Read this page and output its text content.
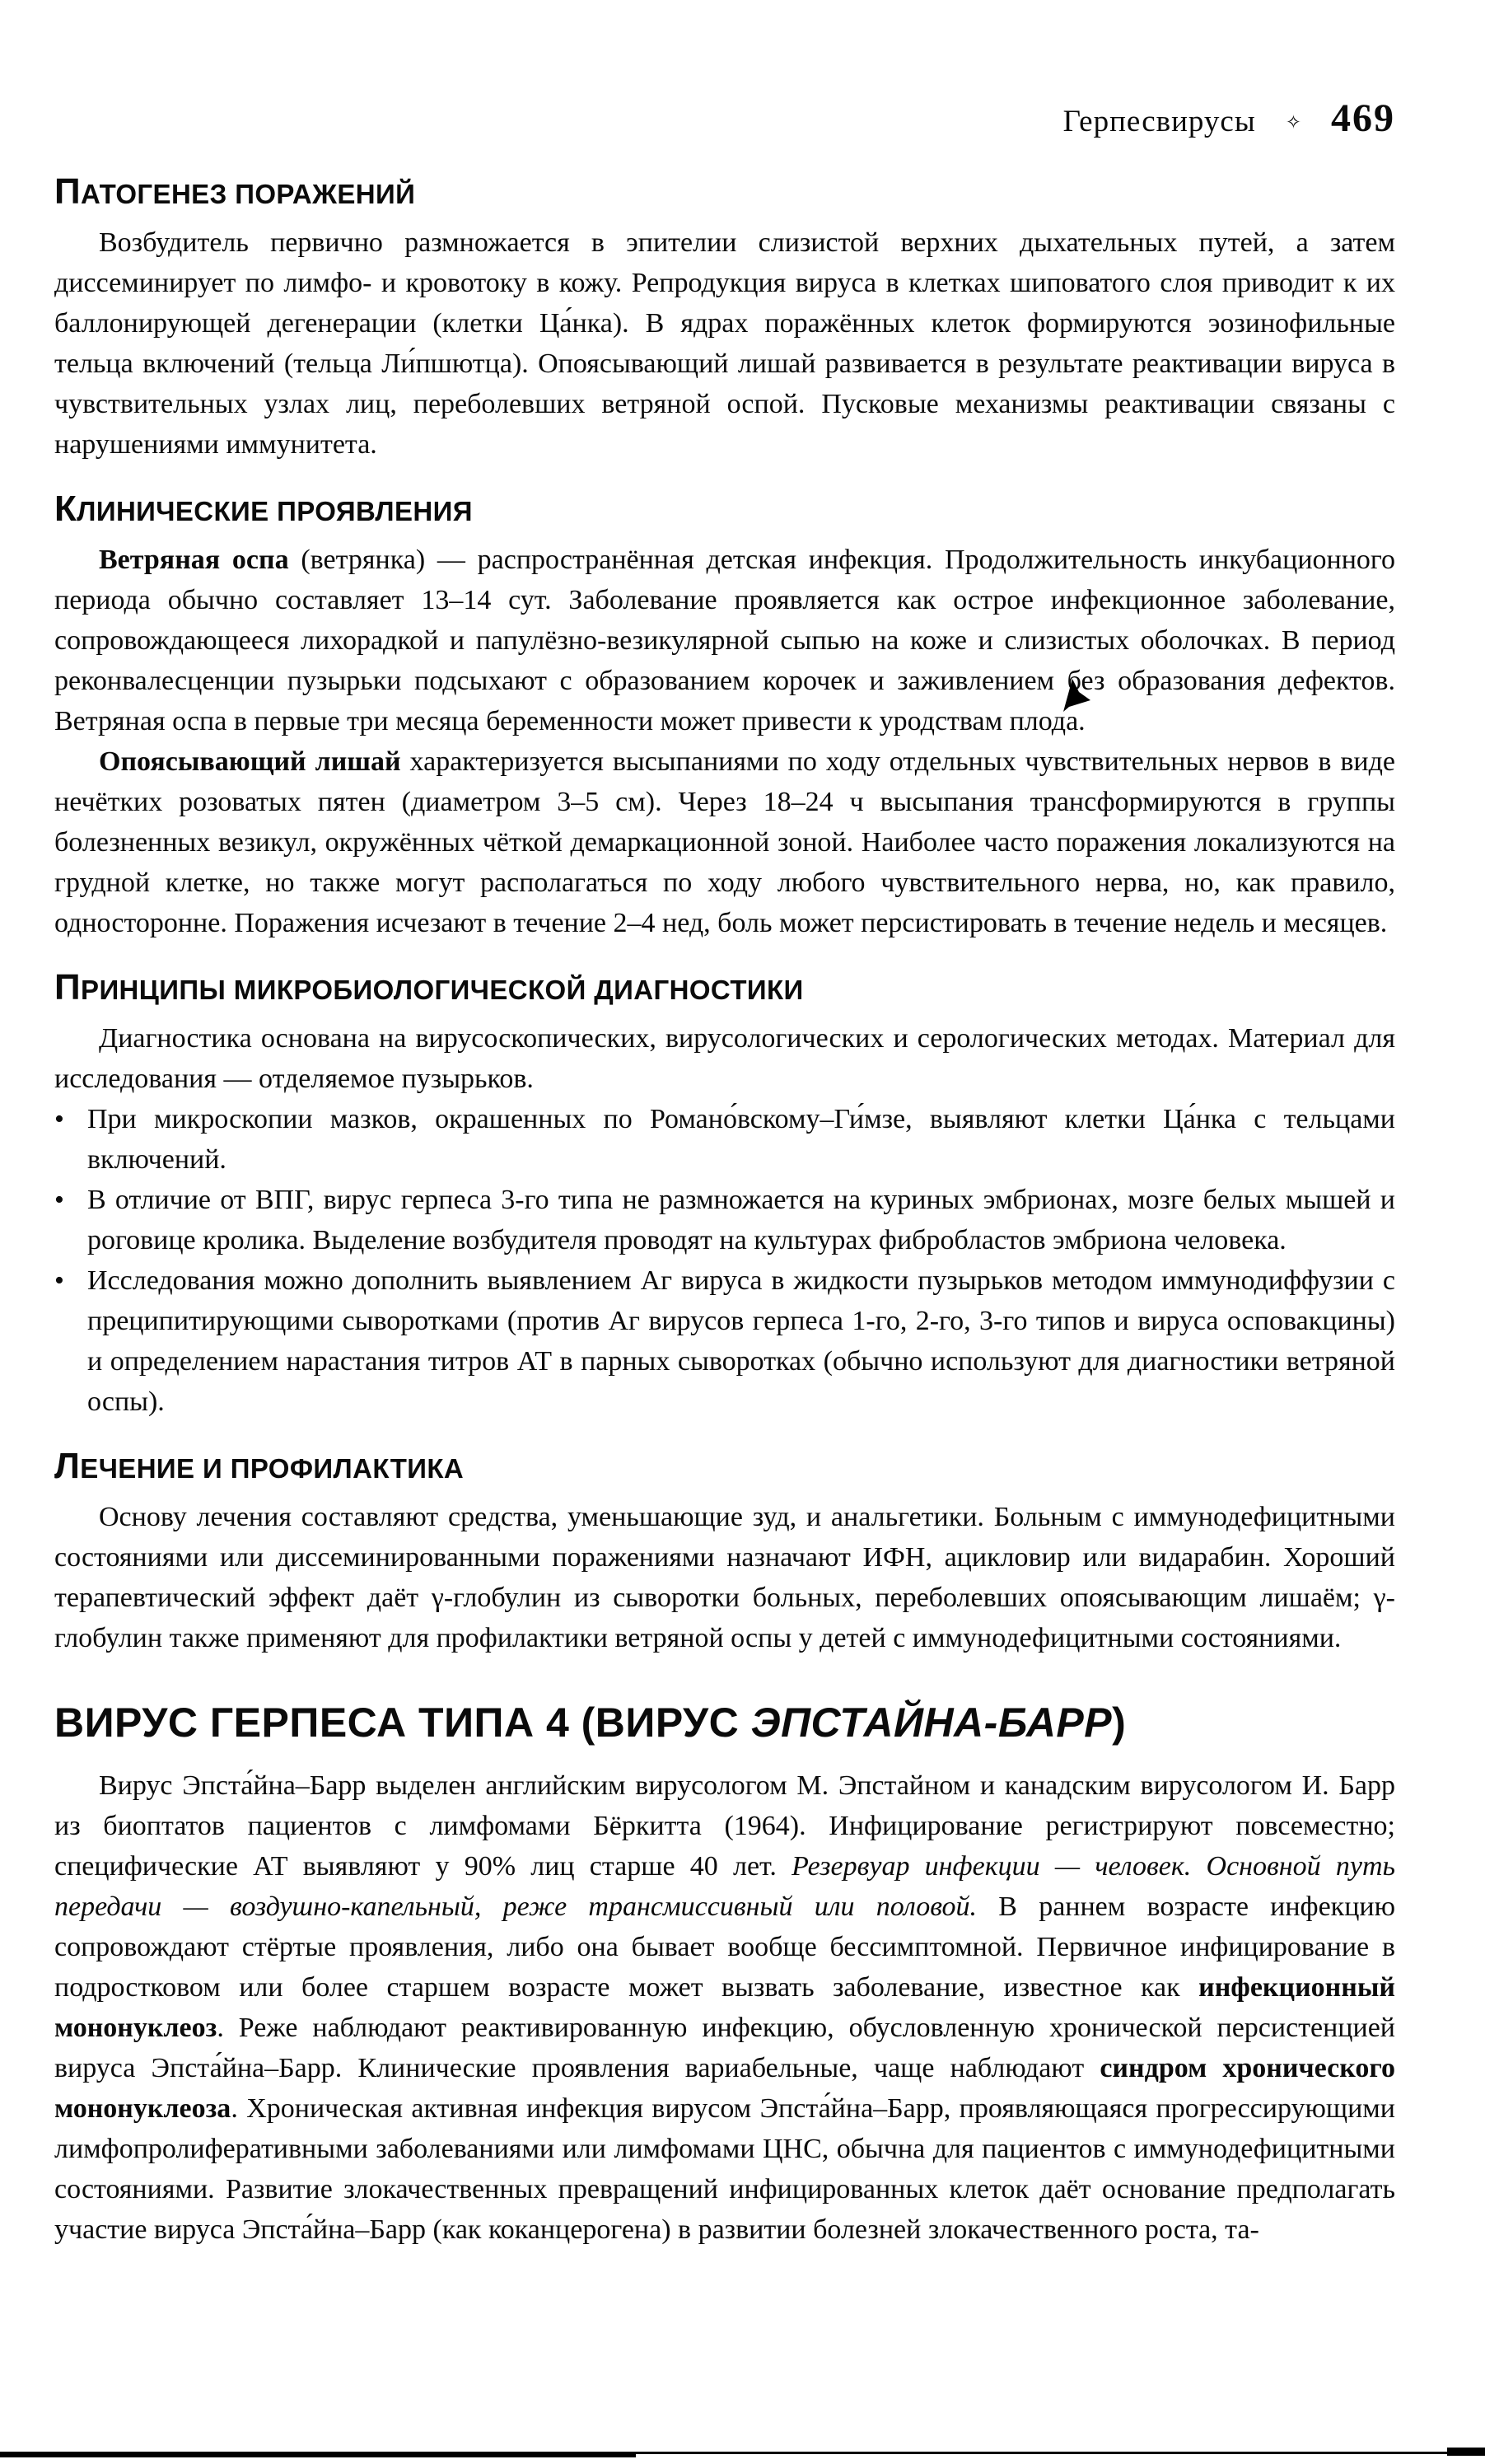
Герпесвирусы ✧ 469
ПАТОГЕНЕЗ ПОРАЖЕНИЙ

Возбудитель первично размножается в эпителии слизистой верхних дыхательных путей, а затем диссеминирует по лимфо- и кровотоку в кожу. Репродукция вируса в клетках шиповатого слоя приводит к их баллонирующей дегенерации (клетки Ца́нка). В ядрах поражённых клеток формируются эозинофильные тельца включений (тельца Ли́пшютца). Опоясывающий лишай развивается в результате реактивации вируса в чувствительных узлах лиц, переболевших ветряной оспой. Пусковые механизмы реактивации связаны с нарушениями иммунитета.

КЛИНИЧЕСКИЕ ПРОЯВЛЕНИЯ

Ветряная оспа (ветрянка) — распространённая детская инфекция. Продолжительность инкубационного периода обычно составляет 13–14 сут. Заболевание проявляется как острое инфекционное заболевание, сопровождающееся лихорадкой и папулёзно-везикулярной сыпью на коже и слизистых оболочках. В период реконвалесценции пузырьки подсыхают с образованием корочек и заживлением без образования дефектов. Ветряная оспа в первые три месяца беременности может привести к уродствам плода.

Опоясывающий лишай характеризуется высыпаниями по ходу отдельных чувствительных нервов в виде нечётких розоватых пятен (диаметром 3–5 см). Через 18–24 ч высыпания трансформируются в группы болезненных везикул, окружённых чёткой демаркационной зоной. Наиболее часто поражения локализуются на грудной клетке, но также могут располагаться по ходу любого чувствительного нерва, но, как правило, односторонне. Поражения исчезают в течение 2–4 нед, боль может персистировать в течение недель и месяцев.

ПРИНЦИПЫ МИКРОБИОЛОГИЧЕСКОЙ ДИАГНОСТИКИ

Диагностика основана на вирусоскопических, вирусологических и серологических методах. Материал для исследования — отделяемое пузырьков.

• При микроскопии мазков, окрашенных по Романо́вскому–Ги́мзе, выявляют клетки Ца́нка с тельцами включений.
• В отличие от ВПГ, вирус герпеса 3-го типа не размножается на куриных эмбрионах, мозге белых мышей и роговице кролика. Выделение возбудителя проводят на культурах фибробластов эмбриона человека.
• Исследования можно дополнить выявлением Аг вируса в жидкости пузырьков методом иммунодиффузии с преципитирующими сыворотками (против Аг вирусов герпеса 1-го, 2-го, 3-го типов и вируса осповакцины) и определением нарастания титров АТ в парных сыворотках (обычно используют для диагностики ветряной оспы).
ЛЕЧЕНИЕ И ПРОФИЛАКТИКА

Основу лечения составляют средства, уменьшающие зуд, и анальгетики. Больным с иммунодефицитными состояниями или диссеминированными поражениями назначают ИФН, ацикловир или видарабин. Хороший терапевтический эффект даёт γ-глобулин из сыворотки больных, переболевших опоясывающим лишаём; γ-глобулин также применяют для профилактики ветряной оспы у детей с иммунодефицитными состояниями.

ВИРУС ГЕРПЕСА ТИПА 4 (ВИРУС ЭПСТАЙНА-БАРР)

Вирус Эпста́йна–Барр выделен английским вирусологом М. Эпстайном и канадским вирусологом И. Барр из биоптатов пациентов с лимфомами Бёркитта (1964). Инфицирование регистрируют повсеместно; специфические АТ выявляют у 90% лиц старше 40 лет. Резервуар инфекции — человек. Основной путь передачи — воздушно-капельный, реже трансмиссивный или половой. В раннем возрасте инфекцию сопровождают стёртые проявления, либо она бывает вообще бессимптомной. Первичное инфицирование в подростковом или более старшем возрасте может вызвать заболевание, известное как инфекционный мононуклеоз. Реже наблюдают реактивированную инфекцию, обусловленную хронической персистенцией вируса Эпста́йна–Барр. Клинические проявления вариабельные, чаще наблюдают синдром хронического мононуклеоза. Хроническая активная инфекция вирусом Эпста́йна–Барр, проявляющаяся прогрессирующими лимфопролиферативными заболеваниями или лимфомами ЦНС, обычна для пациентов с иммунодефицитными состояниями. Развитие злокачественных превращений инфицированных клеток даёт основание предполагать участие вируса Эпста́йна–Барр (как коканцерогена) в развитии болезней злокачественного роста, та-
